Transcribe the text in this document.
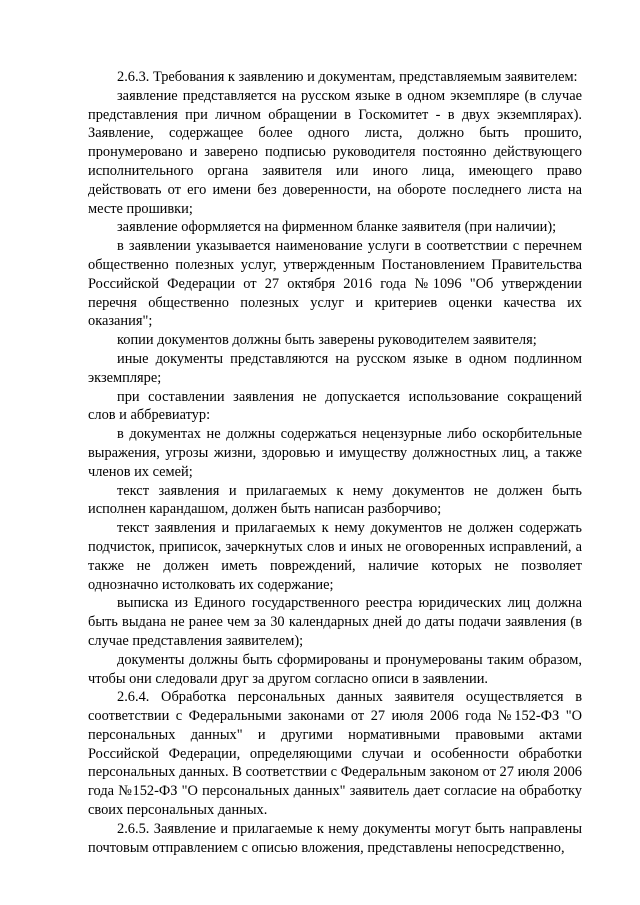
2.6.3. Требования к заявлению и документам, представляемым заявителем:

заявление представляется на русском языке в одном экземпляре (в случае представления при личном обращении в Госкомитет - в двух экземплярах). Заявление, содержащее более одного листа, должно быть прошито, пронумеровано и заверено подписью руководителя постоянно действующего исполнительного органа заявителя или иного лица, имеющего право действовать от его имени без доверенности, на обороте последнего листа на месте прошивки;

заявление оформляется на фирменном бланке заявителя (при наличии);

в заявлении указывается наименование услуги в соответствии с перечнем общественно полезных услуг, утвержденным Постановлением Правительства Российской Федерации от 27 октября 2016 года №1096 "Об утверждении перечня общественно полезных услуг и критериев оценки качества их оказания";

копии документов должны быть заверены руководителем заявителя;

иные документы представляются на русском языке в одном подлинном экземпляре;

при составлении заявления не допускается использование сокращений слов и аббревиатур:

в документах не должны содержаться нецензурные либо оскорбительные выражения, угрозы жизни, здоровью и имуществу должностных лиц, а также членов их семей;

текст заявления и прилагаемых к нему документов не должен быть исполнен карандашом, должен быть написан разборчиво;

текст заявления и прилагаемых к нему документов не должен содержать подчисток, приписок, зачеркнутых слов и иных не оговоренных исправлений, а также не должен иметь повреждений, наличие которых не позволяет однозначно истолковать их содержание;

выписка из Единого государственного реестра юридических лиц должна быть выдана не ранее чем за 30 календарных дней до даты подачи заявления (в случае представления заявителем);

документы должны быть сформированы и пронумерованы таким образом, чтобы они следовали друг за другом согласно описи в заявлении.

2.6.4. Обработка персональных данных заявителя осуществляется в соответствии с Федеральными законами от 27 июля 2006 года №152-ФЗ "О персональных данных" и другими нормативными правовыми актами Российской Федерации, определяющими случаи и особенности обработки персональных данных. В соответствии с Федеральным законом от 27 июля 2006 года №152-ФЗ "О персональных данных" заявитель дает согласие на обработку своих персональных данных.

2.6.5. Заявление и прилагаемые к нему документы могут быть направлены почтовым отправлением с описью вложения, представлены непосредственно,
